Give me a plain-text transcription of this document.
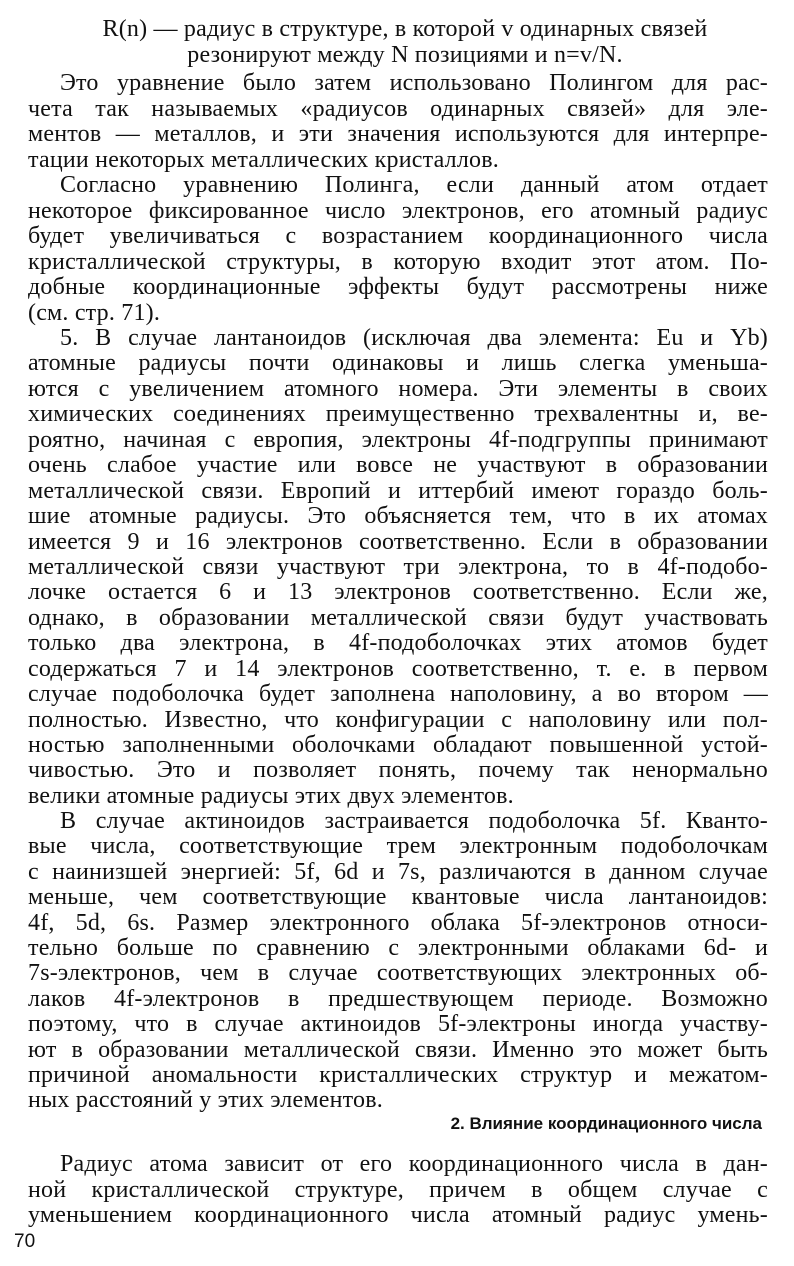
R(n) — радиус в структуре, в которой v одинарных связей
резонируют между N позициями и n=v/N.
Это уравнение было затем использовано Полингом для рас-
чета так называемых «радиусов одинарных связей» для эле-
ментов — металлов, и эти значения используются для интерпре-
тации некоторых металлических кристаллов.
Согласно уравнению Полинга, если данный атом отдает
некоторое фиксированное число электронов, его атомный радиус
будет увеличиваться с возрастанием координационного числа
кристаллической структуры, в которую входит этот атом. По-
добные координационные эффекты будут рассмотрены ниже
(см. стр. 71).
5. В случае лантаноидов (исключая два элемента: Eu и Yb)
атомные радиусы почти одинаковы и лишь слегка уменьша-
ются с увеличением атомного номера. Эти элементы в своих
химических соединениях преимущественно трехвалентны и, ве-
роятно, начиная с европия, электроны 4f-подгруппы принимают
очень слабое участие или вовсе не участвуют в образовании
металлической связи. Европий и иттербий имеют гораздо боль-
шие атомные радиусы. Это объясняется тем, что в их атомах
имеется 9 и 16 электронов соответственно. Если в образовании
металлической связи участвуют три электрона, то в 4f-подобо-
лочке остается 6 и 13 электронов соответственно. Если же,
однако, в образовании металлической связи будут участвовать
только два электрона, в 4f-подоболочках этих атомов будет
содержаться 7 и 14 электронов соответственно, т. е. в первом
случае подоболочка будет заполнена наполовину, а во втором —
полностью. Известно, что конфигурации с наполовину или пол-
ностью заполненными оболочками обладают повышенной устой-
чивостью. Это и позволяет понять, почему так ненормально
велики атомные радиусы этих двух элементов.
В случае актиноидов застраивается подоболочка 5f. Кванто-
вые числа, соответствующие трем электронным подоболочкам
с наинизшей энергией: 5f, 6d и 7s, различаются в данном случае
меньше, чем соответствующие квантовые числа лантаноидов:
4f, 5d, 6s. Размер электронного облака 5f-электронов относи-
тельно больше по сравнению с электронными облаками 6d- и
7s-электронов, чем в случае соответствующих электронных об-
лаков 4f-электронов в предшествующем периоде. Возможно
поэтому, что в случае актиноидов 5f-электроны иногда участву-
ют в образовании металлической связи. Именно это может быть
причиной аномальности кристаллических структур и межатом-
ных расстояний у этих элементов.
2. Влияние координационного числа
Радиус атома зависит от его координационного числа в дан-
ной кристаллической структуре, причем в общем случае с
уменьшением координационного числа атомный радиус умень-
70
